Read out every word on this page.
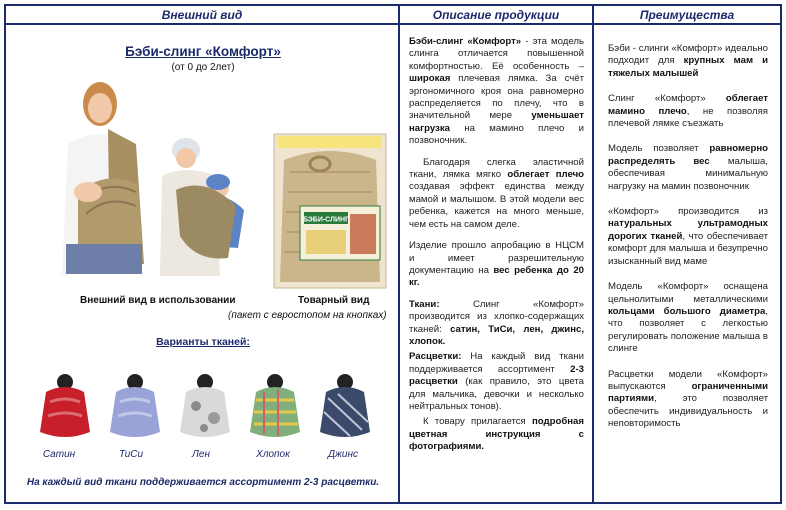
Внешний вид
Бэби-слинг «Комфорт»
(от 0 до 2лет)
БЭБИ-СЛИНГ
Внешний вид в использовании	Товарный вид
(пакет с евростопом на кнопках)
Варианты тканей:
Сатин	ТиСи	Лен	Хлопок	Джинс
На каждый вид ткани поддерживается ассортимент 2-3 расцветки.
Описание продукции

Бэби-слинг «Комфорт» - эта модель слинга отличается повышенной комфортностью. Её особенность – широкая плечевая лямка. За счёт эргономичного кроя она равномерно распределяется по плечу, что в значительной мере уменьшает нагрузка на мамино плечо и позвоночник.

Благодаря слегка эластичной ткани, лямка мягко облегает плечо создавая эффект единства между мамой и малышом. В этой модели вес ребенка, кажется на много меньше, чем есть на самом деле.

Изделие прошло апробацию в НЦСМ и имеет разрешительную документацию на вес ребенка до 20 кг.

Ткани: Слинг «Комфорт» производится из хлопко-содержащих тканей: сатин, ТиСи, лен, джинс, хлопок.

Расцветки: На каждый вид ткани поддерживается ассортимент 2-3 расцветки (как правило, это цвета для мальчика, девочки и несколько нейтральных тонов).

К товару прилагается подробная цветная инструкция с фотографиями.

Преимущества

Бэби - слинги «Комфорт» идеально подходит для крупных мам и тяжелых малышей

Слинг «Комфорт» облегает мамино плечо, не позволяя плечевой лямке съезжать

Модель позволяет равномерно распределять вес малыша, обеспечивая минимальную нагрузку на мамин позвоночник

«Комфорт» производится из натуральных ультрамодных дорогих тканей, что обеспечивает комфорт для малыша и безупречно изысканный вид маме

Модель «Комфорт» оснащена цельнолитыми металлическими кольцами большого диаметра, что позволяет с легкостью регулировать положение малыша в слинге

Расцветки модели «Комфорт» выпускаются ограниченными партиями, это позволяет обеспечить индивидуальность и неповторимость
